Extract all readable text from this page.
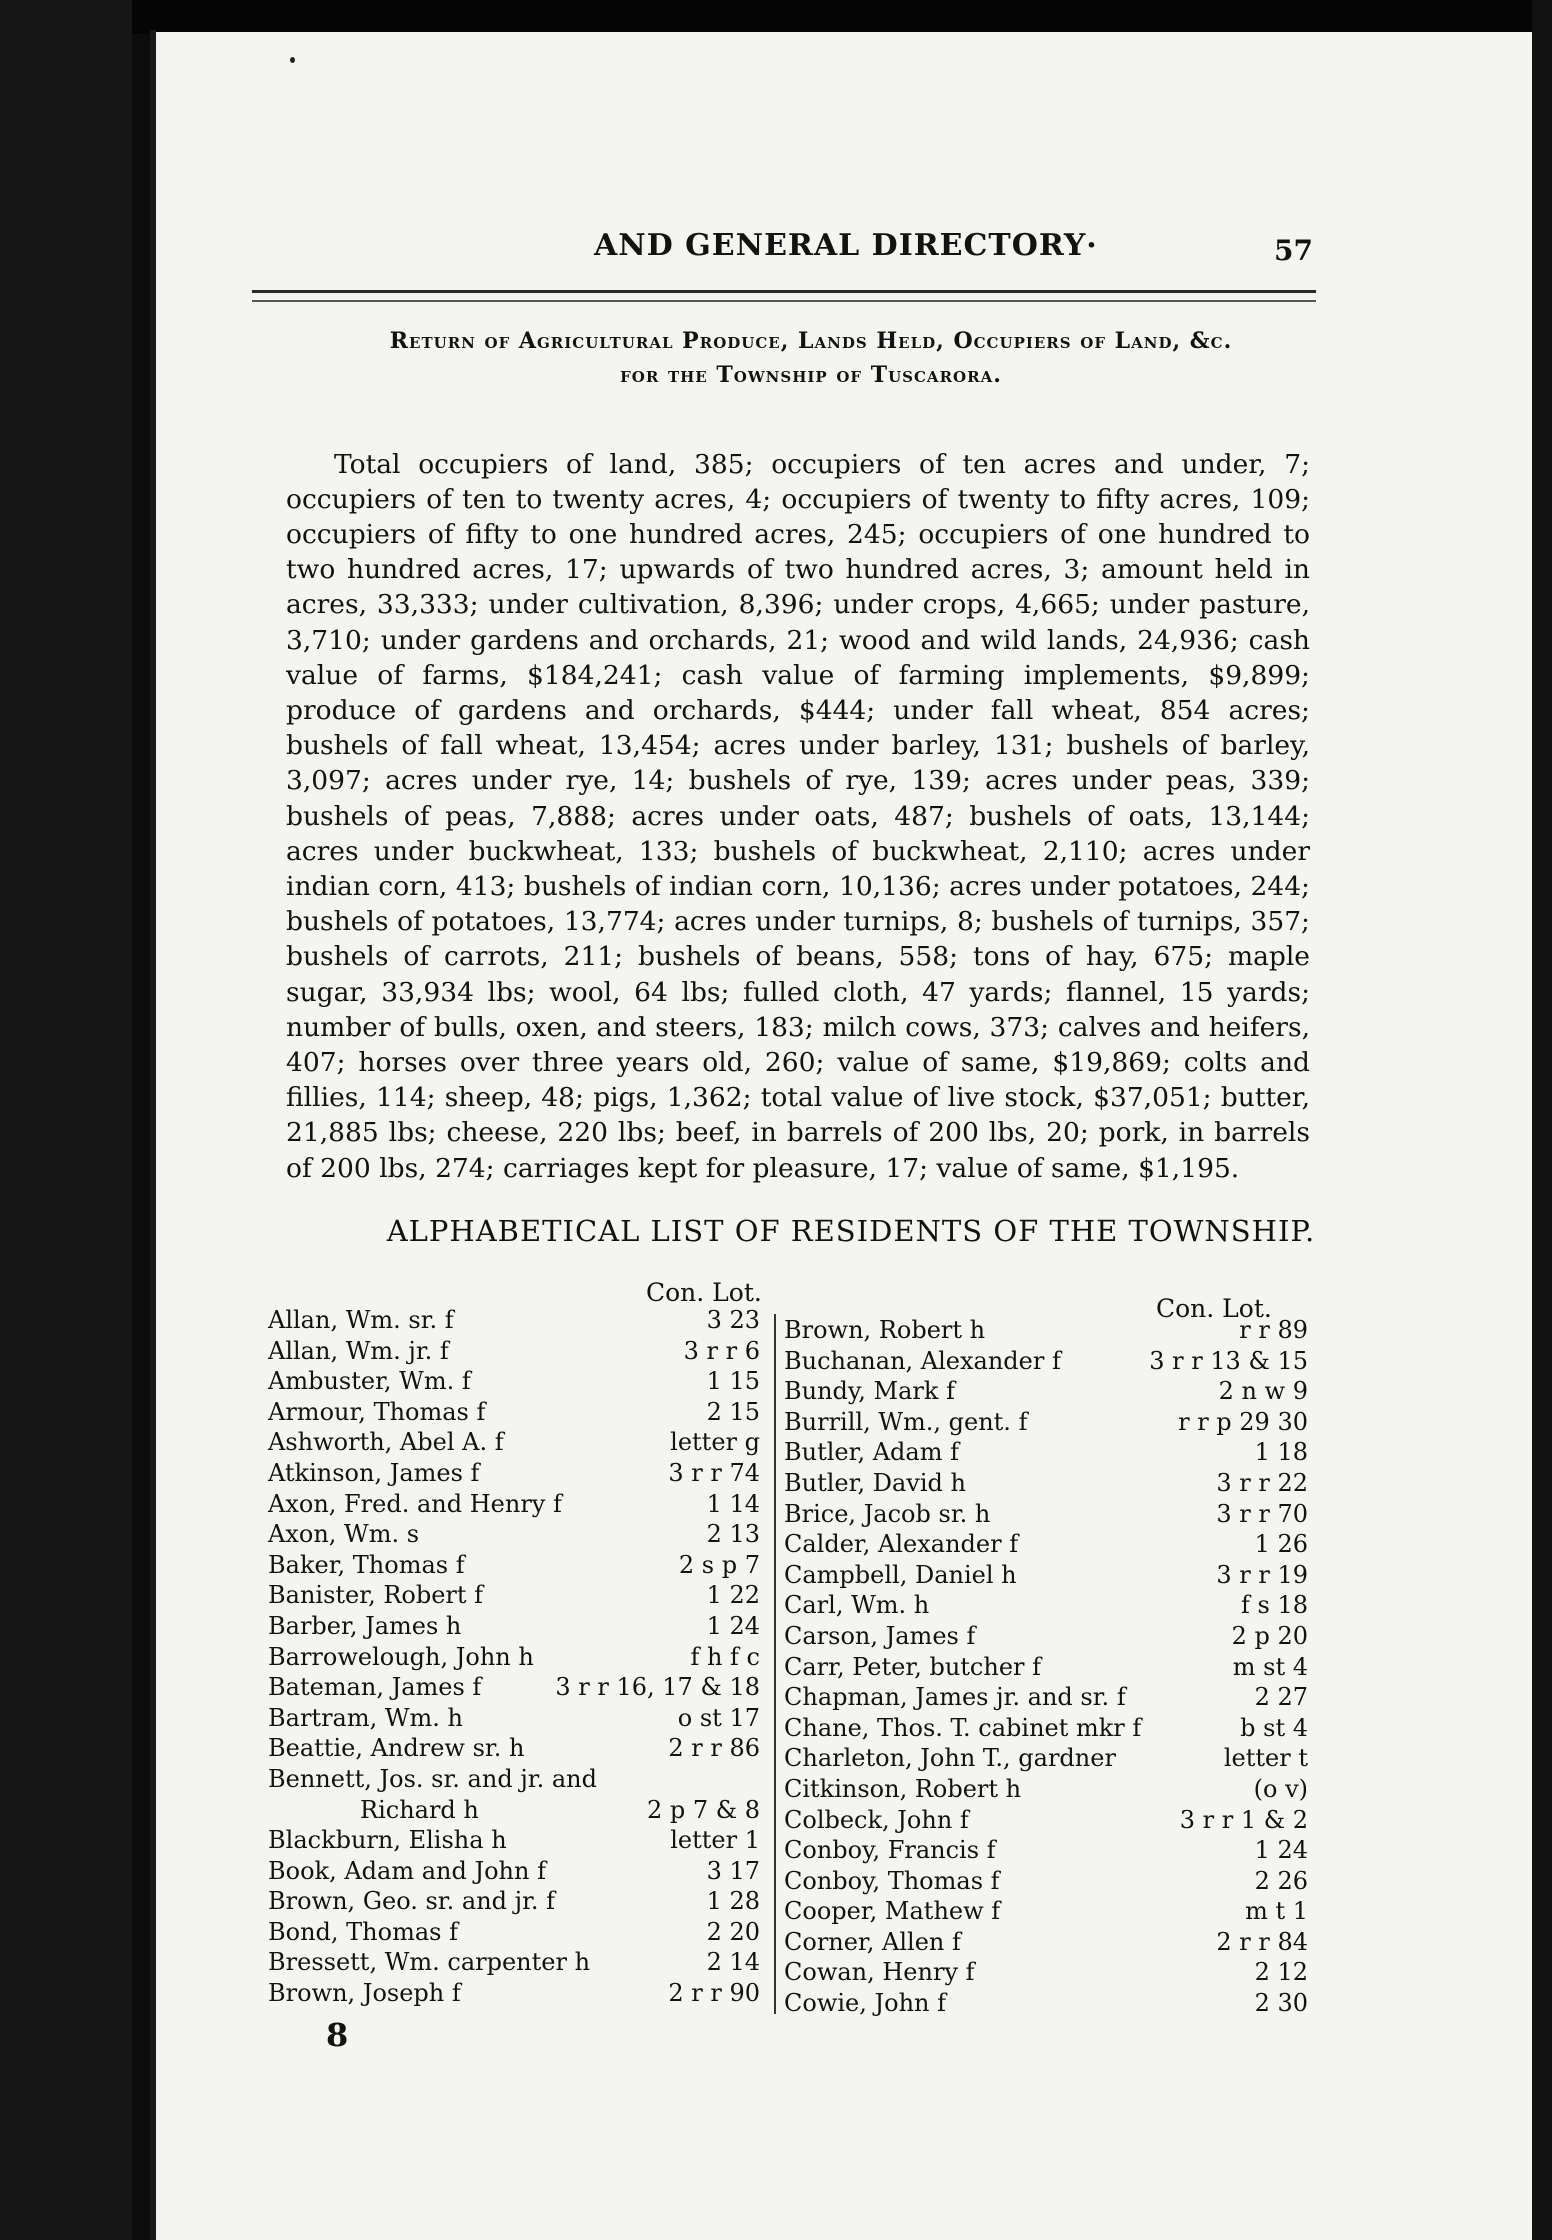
AND GENERAL DIRECTORY·	57
Return of Agricultural Produce, Lands Held, Occupiers of Land, &c.
for the Township of Tuscarora.

Total occupiers of land, 385; occupiers of ten acres and under, 7; occupiers of ten to twenty acres, 4; occupiers of twenty to fifty acres, 109; occupiers of fifty to one hundred acres, 245; occupiers of one hundred to two hundred acres, 17; upwards of two hundred acres, 3; amount held in acres, 33,333; under cultivation, 8,396; under crops, 4,665; under pasture, 3,710; under gardens and orchards, 21; wood and wild lands, 24,936; cash value of farms, $184,241; cash value of farming implements, $9,899; produce of gardens and orchards, $444; under fall wheat, 854 acres; bushels of fall wheat, 13,454; acres under barley, 131; bushels of barley, 3,097; acres under rye, 14; bushels of rye, 139; acres under peas, 339; bushels of peas, 7,888; acres under oats, 487; bushels of oats, 13,144; acres under buckwheat, 133; bushels of buckwheat, 2,110; acres under indian corn, 413; bushels of indian corn, 10,136; acres under potatoes, 244; bushels of potatoes, 13,774; acres under turnips, 8; bushels of turnips, 357; bushels of carrots, 211; bushels of beans, 558; tons of hay, 675; maple sugar, 33,934 lbs; wool, 64 lbs; fulled cloth, 47 yards; flannel, 15 yards; number of bulls, oxen, and steers, 183; milch cows, 373; calves and heifers, 407; horses over three years old, 260; value of same, $19,869; colts and fillies, 114; sheep, 48; pigs, 1,362; total value of live stock, $37,051; butter, 21,885 lbs; cheese, 220 lbs; beef, in barrels of 200 lbs, 20; pork, in barrels of 200 lbs, 274; carriages kept for pleasure, 17; value of same, $1,195.

ALPHABETICAL LIST OF RESIDENTS OF THE TOWNSHIP.
Con. Lot.
Con. Lot.
Allan, Wm. sr. f	3 23
Allan, Wm. jr. f	3 r r 6
Ambuster, Wm. f	1 15
Armour, Thomas f	2 15
Ashworth, Abel A. f	letter g
Atkinson, James f	3 r r 74
Axon, Fred. and Henry f	1 14
Axon, Wm. s	2 13
Baker, Thomas f	2 s p 7
Banister, Robert f	1 22
Barber, James h	1 24
Barrowelough, John h	f h f c
Bateman, James f	3 r r 16, 17 & 18
Bartram, Wm. h	o st 17
Beattie, Andrew sr. h	2 r r 86
Bennett, Jos. sr. and jr. and
Richard h	2 p 7 & 8
Blackburn, Elisha h	letter 1
Book, Adam and John f	3 17
Brown, Geo. sr. and jr. f	1 28
Bond, Thomas f	2 20
Bressett, Wm. carpenter h	2 14
Brown, Joseph f	2 r r 90
Brown, Robert h	r r 89
Buchanan, Alexander f	3 r r 13 & 15
Bundy, Mark f	2 n w 9
Burrill, Wm., gent. f	r r p 29 30
Butler, Adam f	1 18
Butler, David h	3 r r 22
Brice, Jacob sr. h	3 r r 70
Calder, Alexander f	1 26
Campbell, Daniel h	3 r r 19
Carl, Wm. h	f s 18
Carson, James f	2 p 20
Carr, Peter, butcher f	m st 4
Chapman, James jr. and sr. f	2 27
Chane, Thos. T. cabinet mkr f	b st 4
Charleton, John T., gardner	letter t
Citkinson, Robert h	(o v)
Colbeck, John f	3 r r 1 & 2
Conboy, Francis f	1 24
Conboy, Thomas f	2 26
Cooper, Mathew f	m t 1
Corner, Allen f	2 r r 84
Cowan, Henry f	2 12
Cowie, John f	2 30
8
